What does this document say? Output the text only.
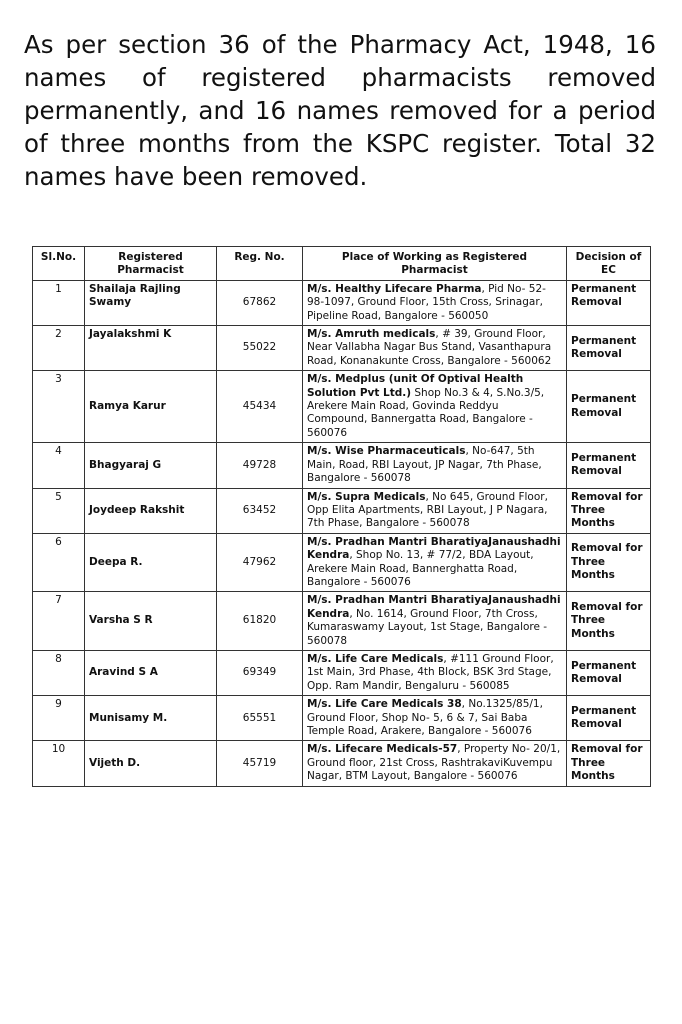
As per section 36 of the Pharmacy Act, 1948, 16 names of registered pharmacists removed permanently, and 16 names removed for a period of three months from the KSPC register. Total 32 names have been removed.
Sl.No.	Registered Pharmacist	Reg. No.	Place of Working as Registered Pharmacist	Decision of EC
1	Shailaja Rajling Swamy	67862	M/s. Healthy Lifecare Pharma, Pid No- 52-98-1097, Ground Floor, 15th Cross, Srinagar, Pipeline Road, Bangalore - 560050	Permanent Removal
2	Jayalakshmi K	55022	M/s. Amruth medicals, # 39, Ground Floor, Near Vallabha Nagar Bus Stand, Vasanthapura Road, Konanakunte Cross, Bangalore - 560062	Permanent Removal
3	Ramya Karur	45434	M/s. Medplus (unit Of Optival Health Solution Pvt Ltd.) Shop No.3 & 4, S.No.3/5, Arekere Main Road, Govinda Reddyu Compound, Bannergatta Road, Bangalore - 560076	Permanent Removal
4	Bhagyaraj G	49728	M/s. Wise Pharmaceuticals, No-647, 5th Main, Road, RBI Layout, JP Nagar, 7th Phase, Bangalore - 560078	Permanent Removal
5	Joydeep Rakshit	63452	M/s. Supra Medicals, No 645, Ground Floor, Opp Elita Apartments, RBI Layout, J P Nagara, 7th Phase, Bangalore - 560078	Removal for Three Months
6	Deepa R.	47962	M/s. Pradhan Mantri BharatiyaJanaushadhi Kendra, Shop No. 13, # 77/2, BDA Layout, Arekere Main Road, Bannerghatta Road, Bangalore - 560076	Removal for Three Months
7	Varsha S R	61820	M/s. Pradhan Mantri BharatiyaJanaushadhi Kendra, No. 1614, Ground Floor, 7th Cross, Kumaraswamy Layout, 1st Stage, Bangalore - 560078	Removal for Three Months
8	Aravind S A	69349	M/s. Life Care Medicals, #111 Ground Floor, 1st Main, 3rd Phase, 4th Block, BSK 3rd Stage, Opp. Ram Mandir, Bengaluru - 560085	Permanent Removal
9	Munisamy M.	65551	M/s. Life Care Medicals 38, No.1325/85/1, Ground Floor, Shop No- 5, 6 & 7, Sai Baba Temple Road, Arakere, Bangalore - 560076	Permanent Removal
10	Vijeth D.	45719	M/s. Lifecare Medicals-57, Property No- 20/1, Ground floor, 21st Cross, RashtrakaviKuvempu Nagar, BTM Layout, Bangalore - 560076	Removal for Three Months
